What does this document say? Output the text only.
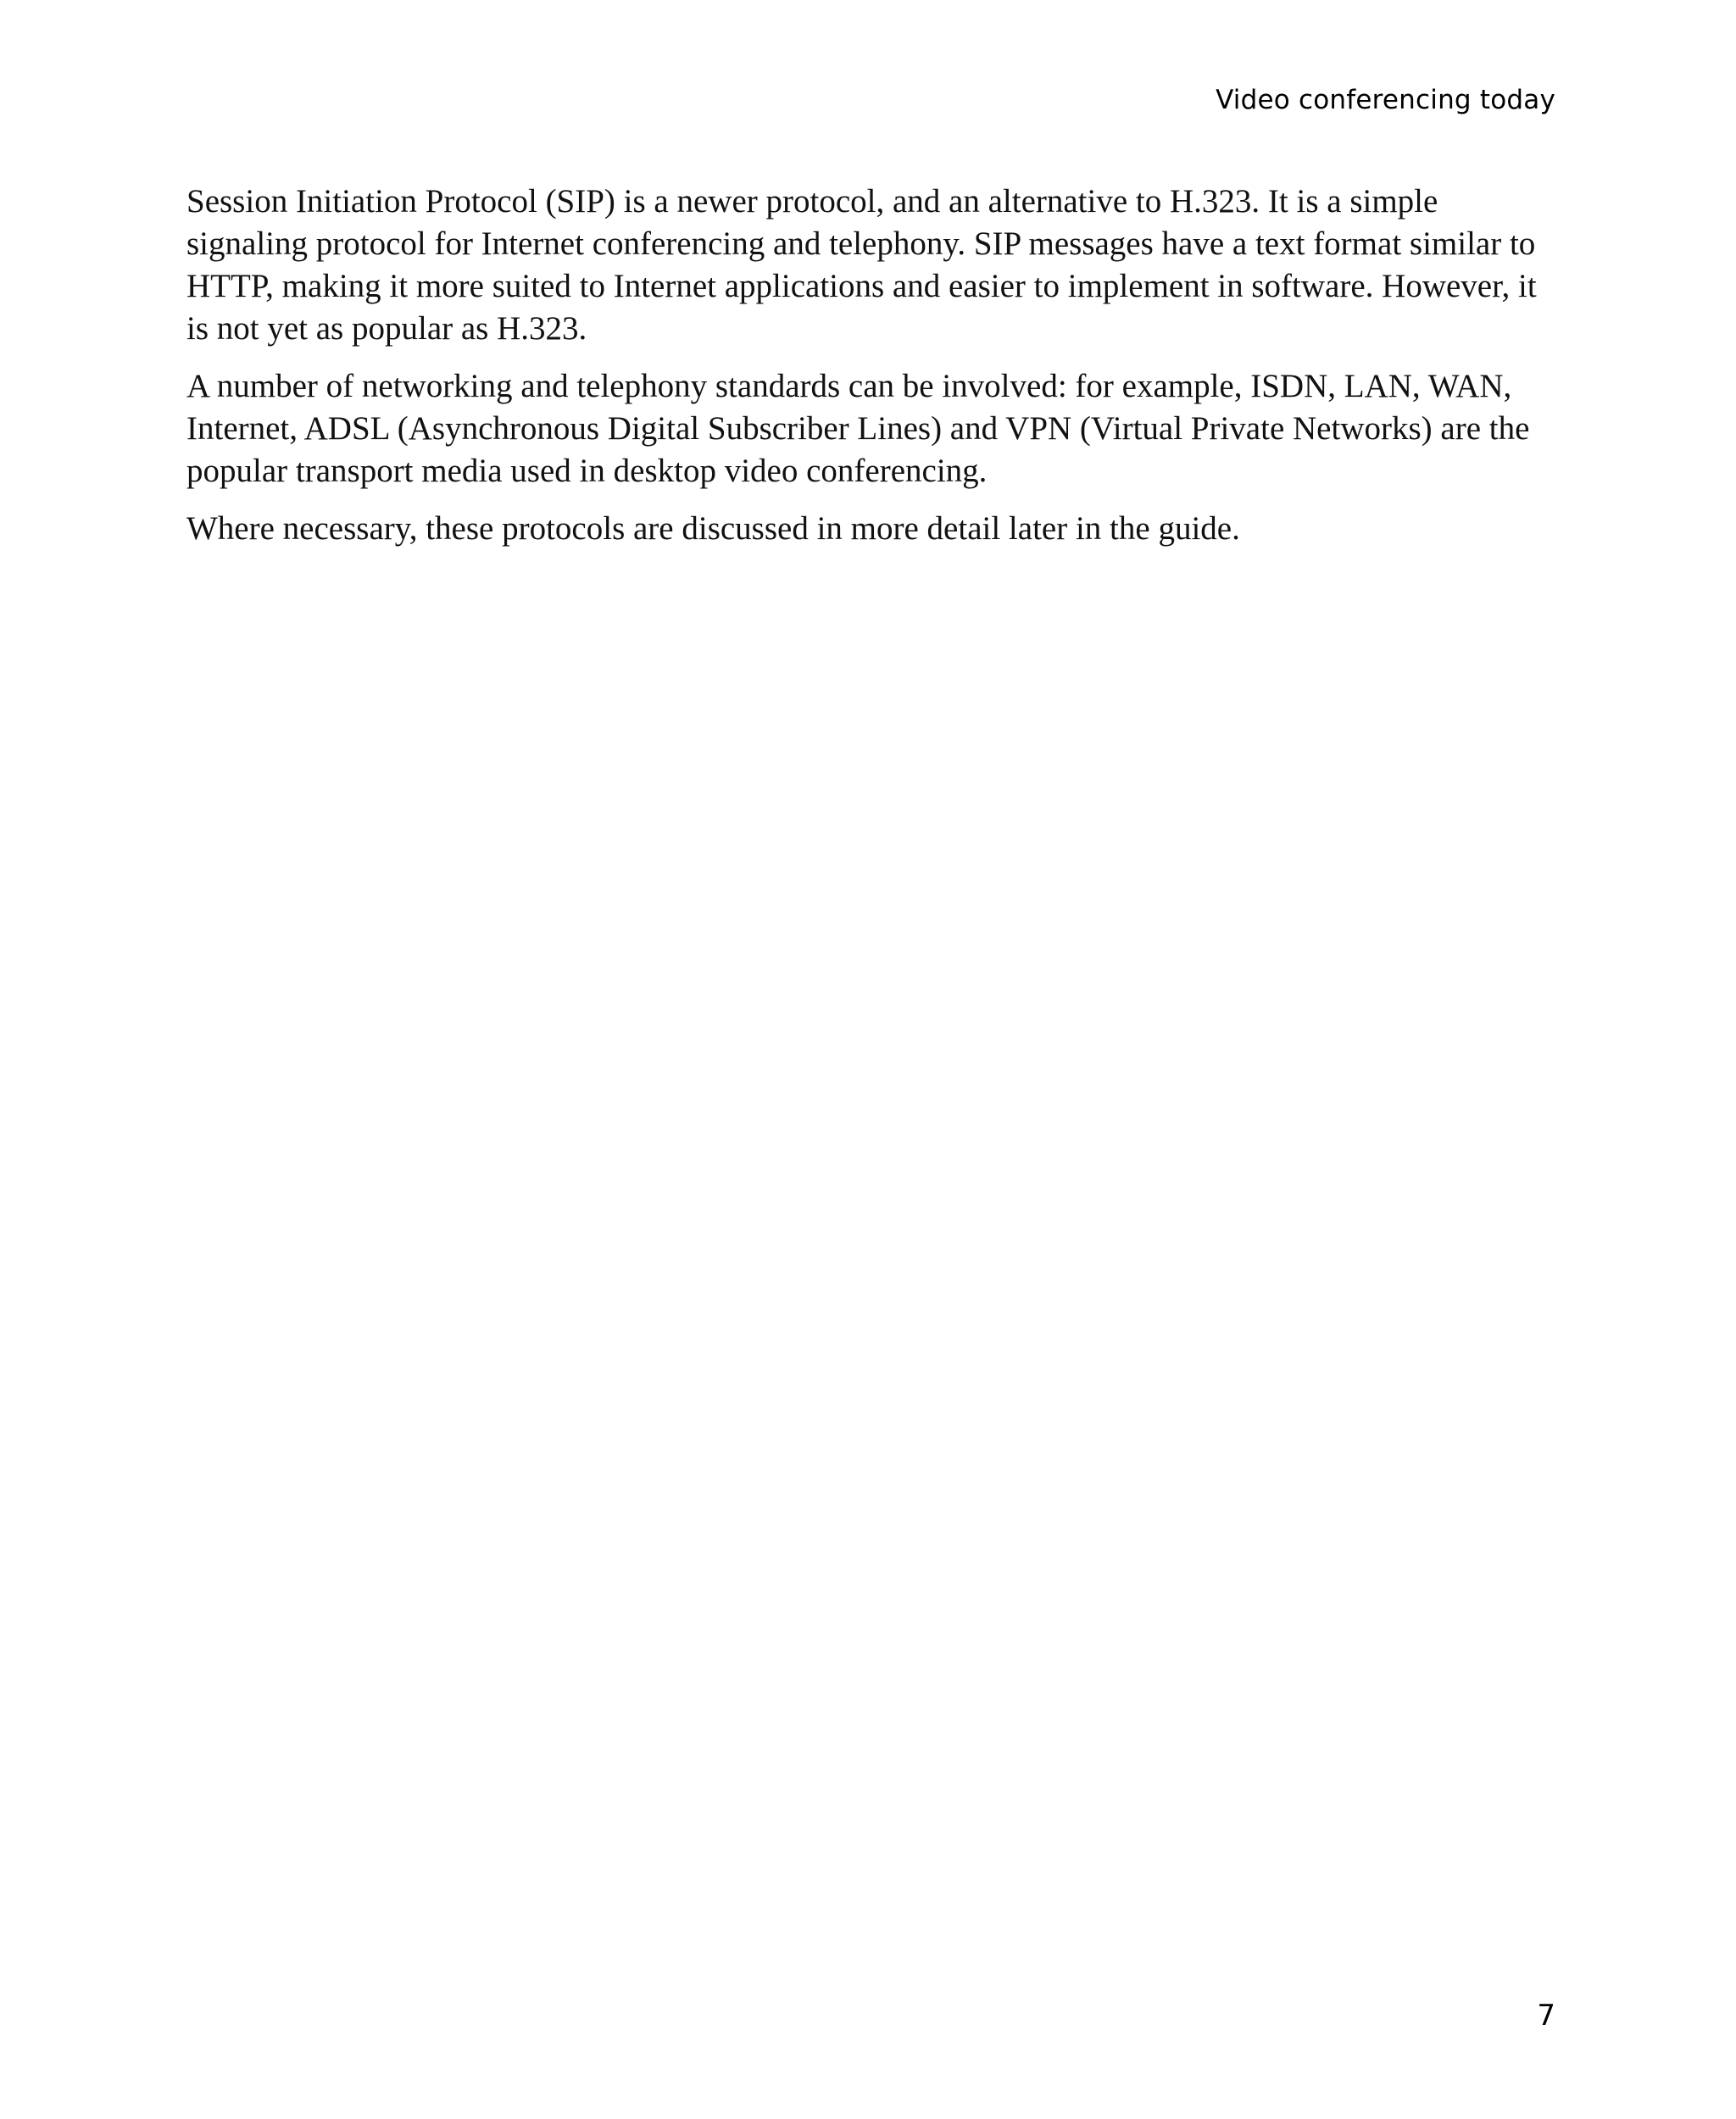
Video conferencing today

Session Initiation Protocol (SIP) is a newer protocol, and an alternative to H.323. It is a simple signaling protocol for Internet conferencing and telephony. SIP messages have a text format similar to HTTP, making it more suited to Internet applications and easier to implement in software. However, it is not yet as popular as H.323.

A number of networking and telephony standards can be involved: for example, ISDN, LAN, WAN, Internet, ADSL (Asynchronous Digital Subscriber Lines) and VPN (Virtual Private Networks) are the popular transport media used in desktop video conferencing.

Where necessary, these protocols are discussed in more detail later in the guide.

7
